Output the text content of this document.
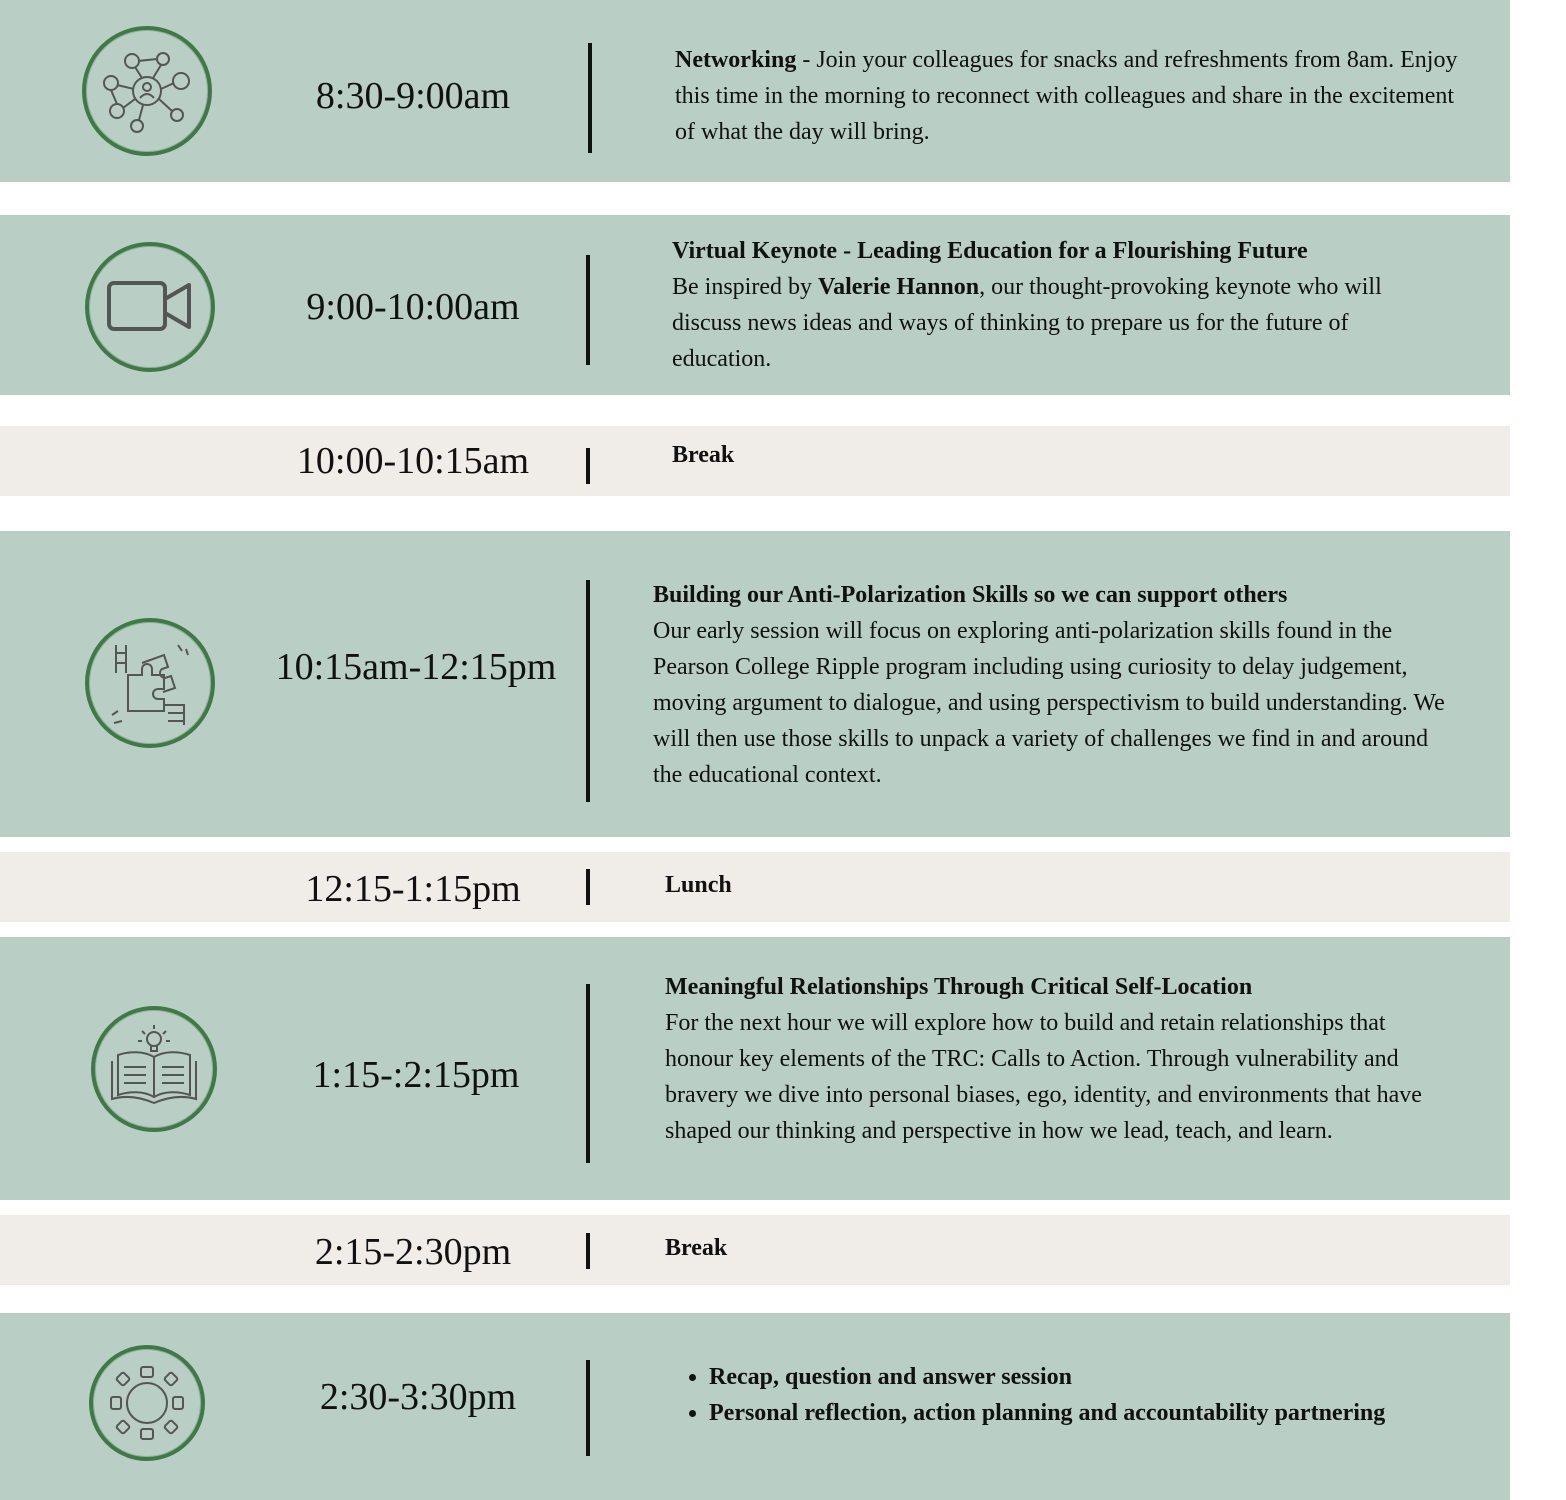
8:30-9:00am
Networking - Join your colleagues for snacks and refreshments from 8am. Enjoy this time in the morning to reconnect with colleagues and share in the excitement of what the day will bring.
9:00-10:00am
Virtual Keynote - Leading Education for a Flourishing Future
Be inspired by Valerie Hannon, our thought-provoking keynote who will discuss news ideas and ways of thinking to prepare us for the future of education.
10:00-10:15am	Break
10:15am-12:15pm
Building our Anti-Polarization Skills so we can support others
Our early session will focus on exploring anti-polarization skills found in the Pearson College Ripple program including using curiosity to delay judgement, moving argument to dialogue, and using perspectivism to build understanding. We will then use those skills to unpack a variety of challenges we find in and around the educational context.
12:15-1:15pm	Lunch
1:15-:2:15pm
Meaningful Relationships Through Critical Self-Location
For the next hour we will explore how to build and retain relationships that honour key elements of the TRC: Calls to Action. Through vulnerability and bravery we dive into personal biases, ego, identity, and environments that have shaped our thinking and perspective in how we lead, teach, and learn.
2:15-2:30pm	Break
2:30-3:30pm
•	Recap, question and answer session
• Personal reflection, action planning and accountability partnering
